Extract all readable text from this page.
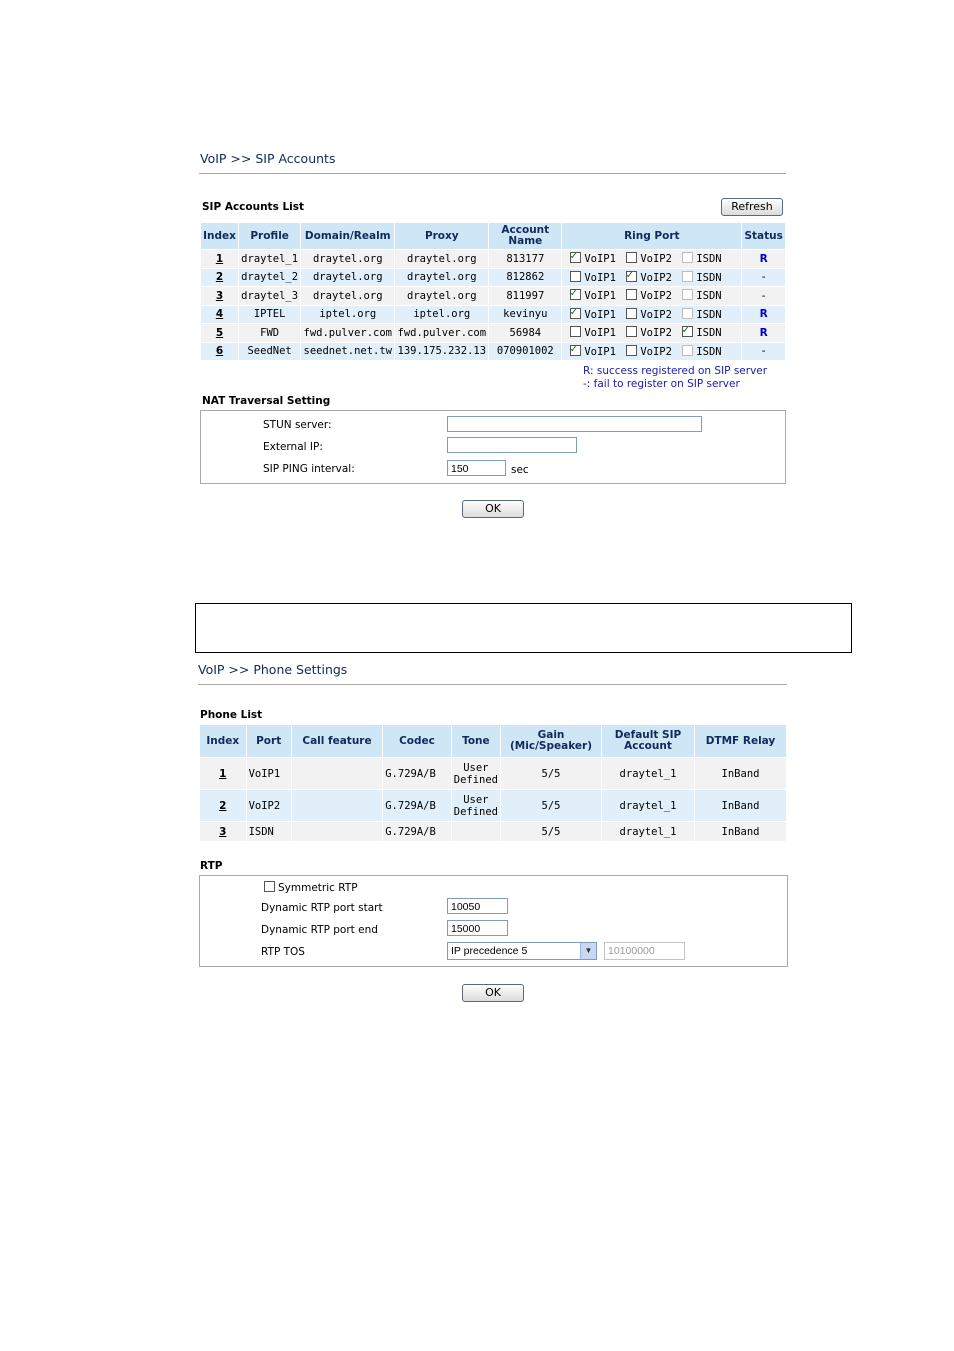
VoIP >> SIP Accounts
SIP Accounts List	Refresh
Index	Profile	Domain/Realm	Proxy	Account Name	Ring Port	Status
1	draytel_1	draytel.org	draytel.org	813177	✓VoIP1 VoIP2 ISDN	R
2	draytel_2	draytel.org	draytel.org	812862	VoIP1 ✓ VoIP2 ISDN	-
3	draytel_3	draytel.org	draytel.org	811997	✓VoIP1 VoIP2 ISDN	-
4	IPTEL	iptel.org	iptel.org	kevinyu	✓VoIP1 VoIP2 ISDN	R
5	FWD	fwd.pulver.com	fwd.pulver.com	56984	VoIP1 VoIP2 ✓ ISDN	R
6	SeedNet	seednet.net.tw	139.175.232.13	070901002	✓VoIP1 VoIP2 ISDN	-
R: success registered on SIP server
-: fail to register on SIP server
NAT Traversal Setting
STUN server:
External IP:
SIP PING interval:	150	sec
OK
VoIP >> Phone Settings
Phone List
Index	Port	Call feature	Codec	Tone	Gain (Mic/Speaker)	Default SIP Account	DTMF Relay
1	VoIP1		G.729A/B	User Defined	5/5	draytel_1	InBand
2	VoIP2		G.729A/B	User Defined	5/5	draytel_1	InBand
3	ISDN		G.729A/B		5/5	draytel_1	InBand
RTP
Symmetric RTP
Dynamic RTP port start	10050
Dynamic RTP port end	15000
RTP TOS	IP precedence 5	▼	10100000
OK
